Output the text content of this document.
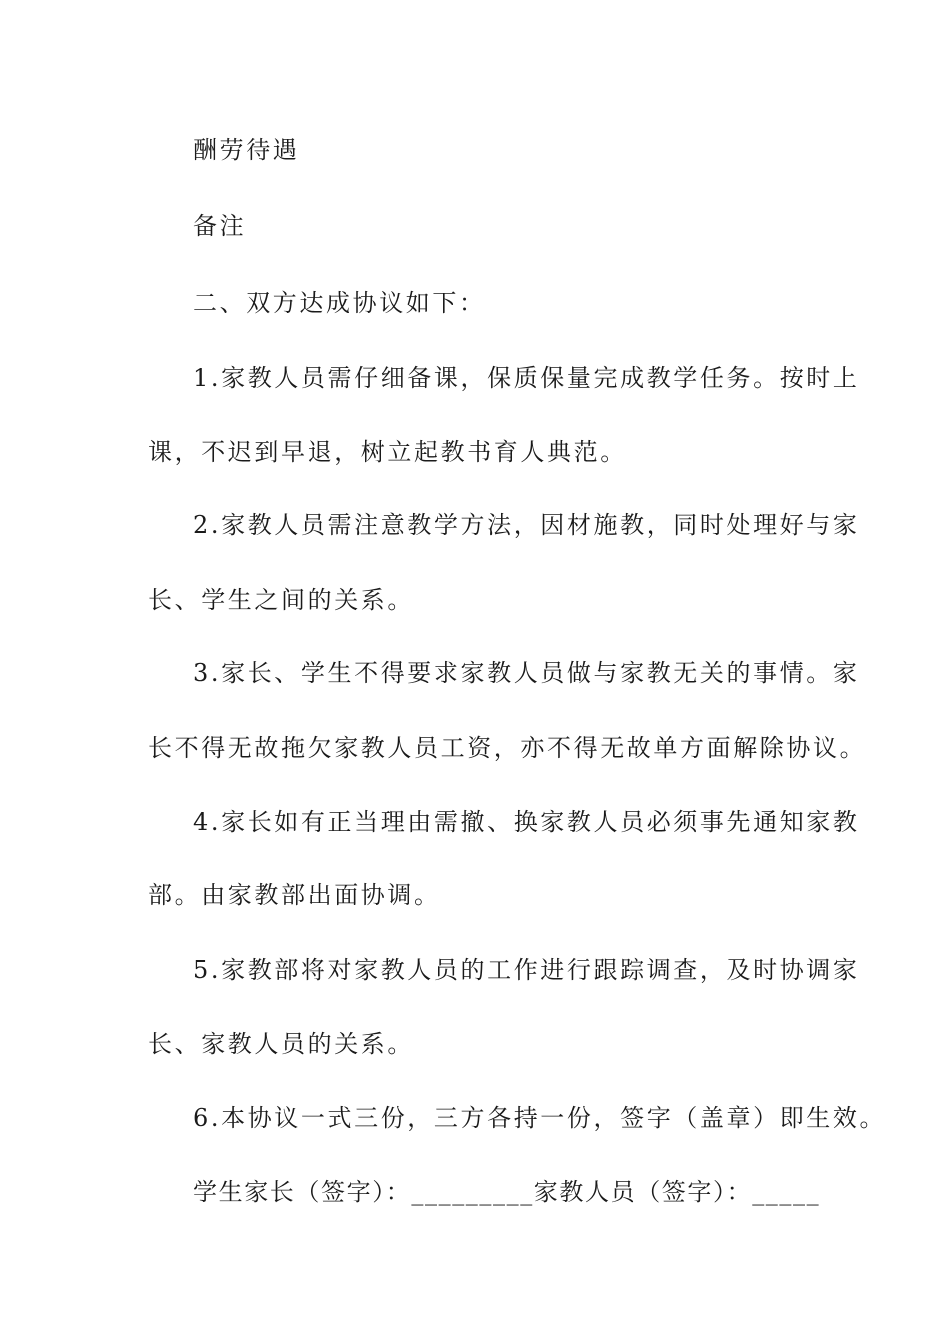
酬劳待遇
备注
二、双方达成协议如下：
1.家教人员需仔细备课，保质保量完成教学任务。按时上
课，不迟到早退，树立起教书育人典范。
2.家教人员需注意教学方法，因材施教，同时处理好与家
长、学生之间的关系。
3.家长、学生不得要求家教人员做与家教无关的事情。家
长不得无故拖欠家教人员工资，亦不得无故单方面解除协议。
4.家长如有正当理由需撤、换家教人员必须事先通知家教
部。由家教部出面协调。
5.家教部将对家教人员的工作进行跟踪调查，及时协调家
长、家教人员的关系。
6.本协议一式三份，三方各持一份，签字（盖章）即生效。
学生家长（签字）：_________家教人员（签字）：_____
